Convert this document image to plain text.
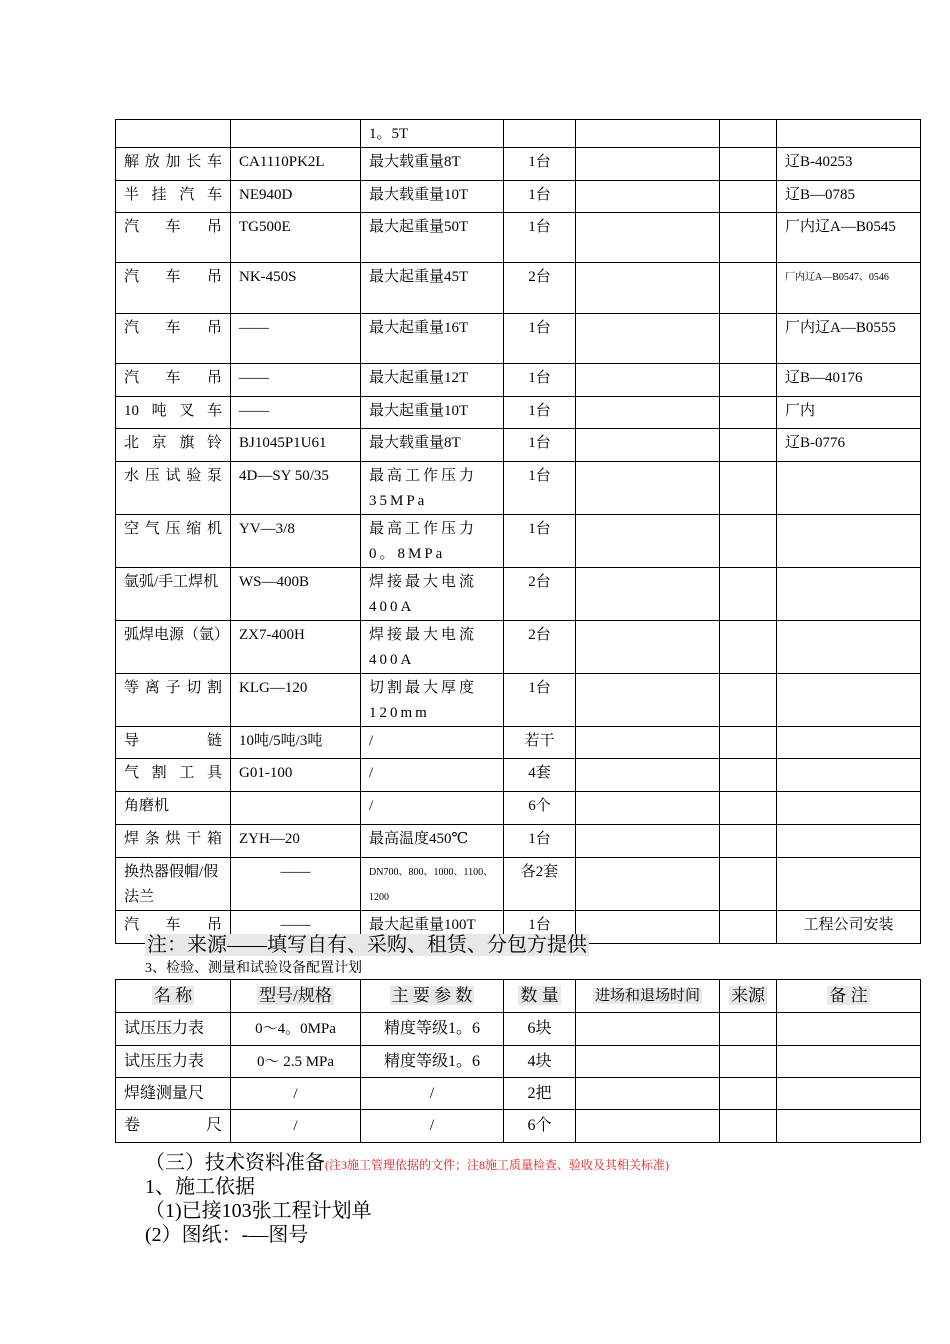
		1。5T				
解放加长车	CA1110PK2L	最大载重量8T	1台			辽B-40253
半挂汽车	NE940D	最大载重量10T	1台			辽B—0785
汽车吊	TG500E	最大起重量50T	1台			厂内辽A—B0545
汽车吊	NK-450S	最大起重量45T	2台			厂内辽A—B0547、0546
汽车吊	——	最大起重量16T	1台			厂内辽A—B0555
汽车吊	——	最大起重量12T	1台			辽B—40176
10吨叉车	——	最大起重量10T	1台			厂内
北京旗铃	BJ1045P1U61	最大载重量8T	1台			辽B-0776
水压试验泵	4D—SY 50/35	最高工作压力35MPa	1台			
空气压缩机	YV—3/8	最高工作压力0。8MPa	1台			
氩弧/手工焊机	WS—400B	焊接最大电流400A	2台			
弧焊电源（氩）	ZX7-400H	焊接最大电流400A	2台			
等离子切割	KLG—120	切割最大厚度120mm	1台			
导链	10吨/5吨/3吨	/	若干			
气割工具	G01-100	/	4套			
角磨机		/	6个			
焊条烘干箱	ZYH—20	最高温度450℃	1台			
换热器假帽/假法兰	——	DN700、800、1000、1100、1200	各2套			
汽车吊	——	最大起重量100T	1台			工程公司安装
注：来源——填写自有、采购、租赁、分包方提供
3、检验、测量和试验设备配置计划
名 称	型号/规格	主 要 参 数	数 量	进场和退场时间	来源	备 注
试压压力表	0～4。0MPa	精度等级1。6	6块			
试压压力表	0～ 2.5 MPa	精度等级1。6	4块			
焊缝测量尺	/	/	2把			
卷尺	/	/	6个			
（三）技术资料准备(注3施工管理依据的文件；注8施工质量检查、验收及其相关标准)
1、施工依据
（1)已接103张工程计划单
(2）图纸：-—图号
